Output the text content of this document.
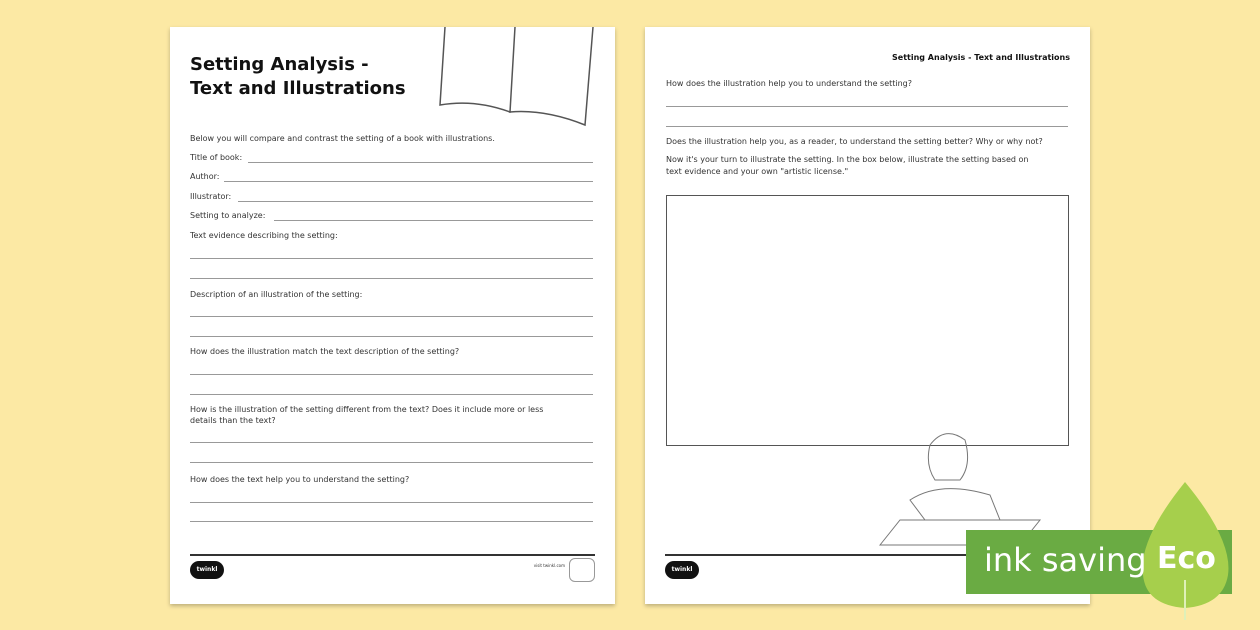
Setting Analysis -
Text and Illustrations
Below you will compare and contrast the setting of a book with illustrations.
Title of book:
Author:
Illustrator:
Setting to analyze:
Text evidence describing the setting:
Description of an illustration of the setting:
How does the illustration match the text description of the setting?
How is the illustration of the setting different from the text? Does it include more or less
details than the text?
How does the text help you to understand the setting?
twinkl
visit twinkl.com
Setting Analysis - Text and Illustrations
How does the illustration help you to understand the setting?
Does the illustration help you, as a reader, to understand the setting better? Why or why not?
Now it's your turn to illustrate the setting. In the box below, illustrate the setting based on
text evidence and your own "artistic license."
twinkl	ink saving Eco
